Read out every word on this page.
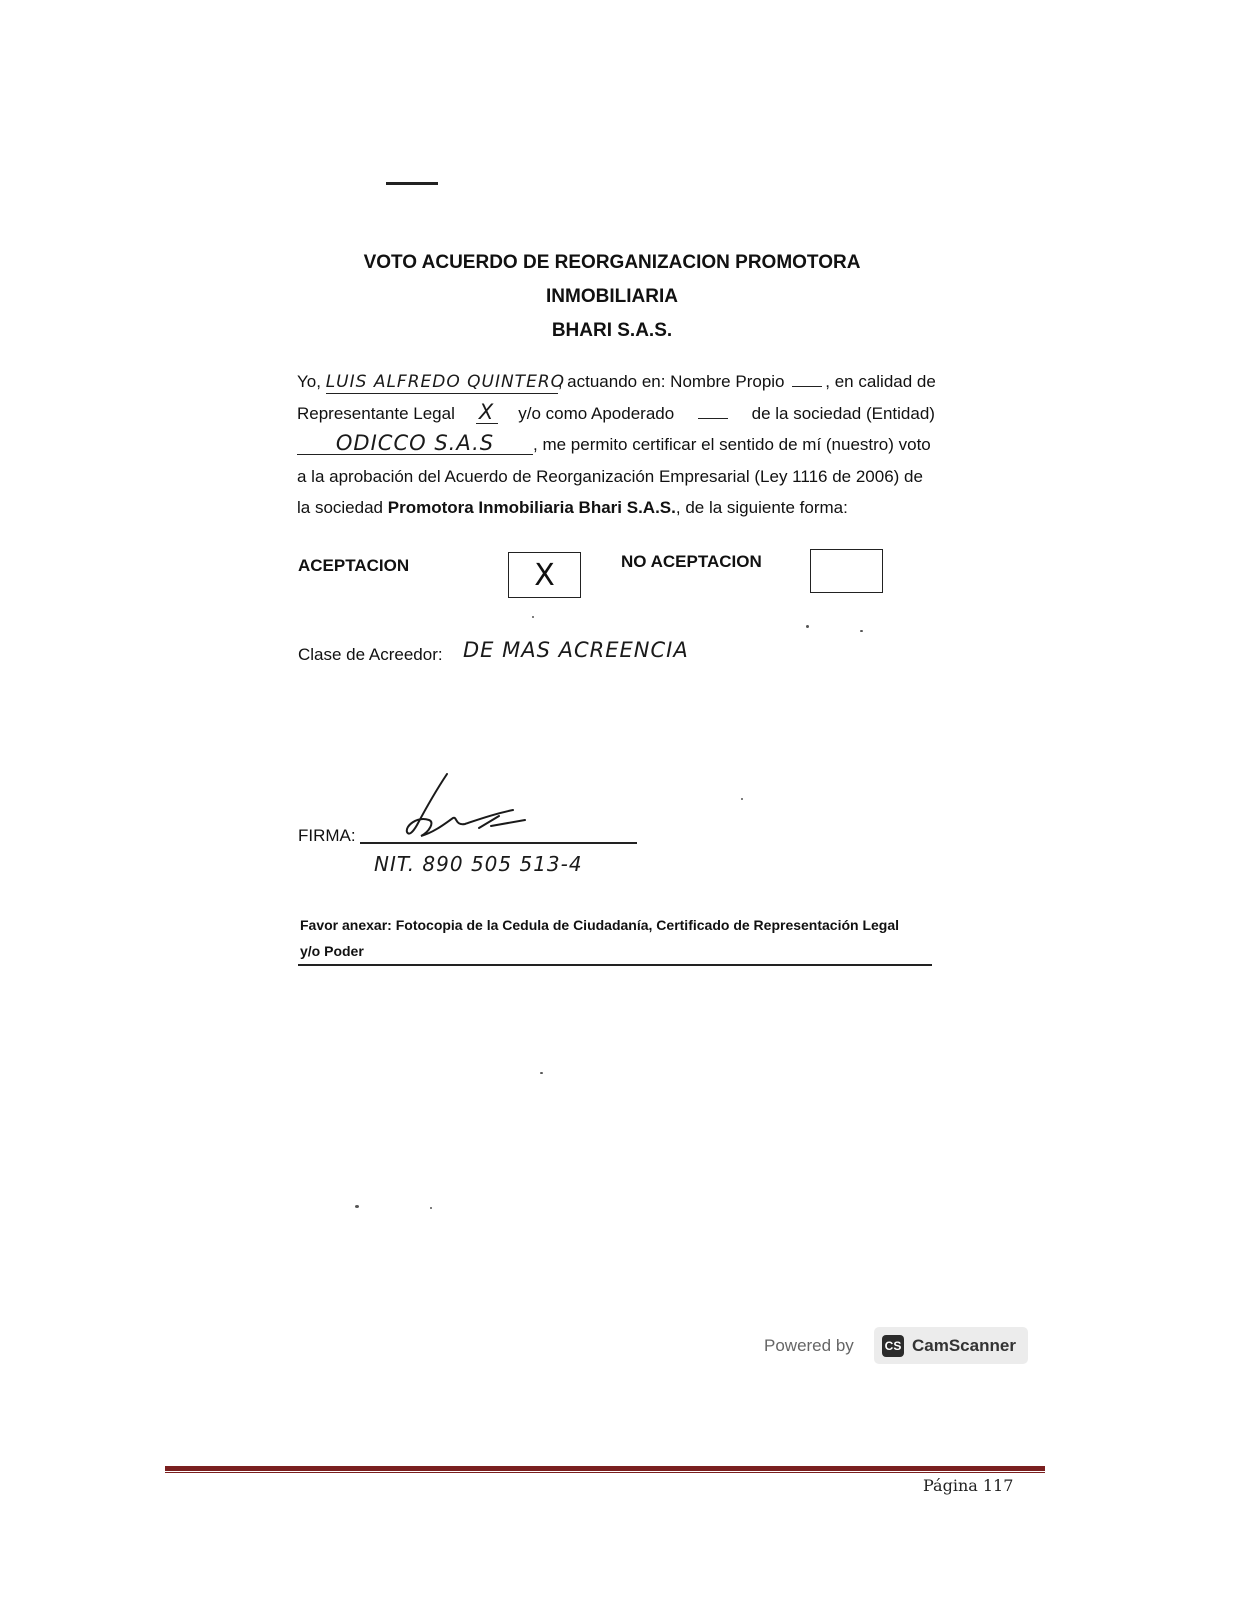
VOTO ACUERDO DE REORGANIZACION PROMOTORA INMOBILIARIA
BHARI S.A.S.
Yo, LUIS ALFREDO QUINTERO, actuando en: Nombre Propio , en calidad de
Representante Legal X y/o como Apoderado	de la sociedad (Entidad)
ODICCO S.A.S	, me permito certificar el sentido de mí (nuestro) voto
a la aprobación del Acuerdo de Reorganización Empresarial (Ley 1116 de 2006) de
la sociedad Promotora Inmobiliaria Bhari S.A.S., de la siguiente forma:
ACEPTACION	X	NO ACEPTACION
Clase de Acreedor: DE MAS ACREENCIA
FIRMA:
NIT. 890 505 513-4
Favor anexar: Fotocopia de la Cedula de Ciudadanía, Certificado de Representación Legal
y/o Poder
Powered by	CS CamScanner
Página 117
